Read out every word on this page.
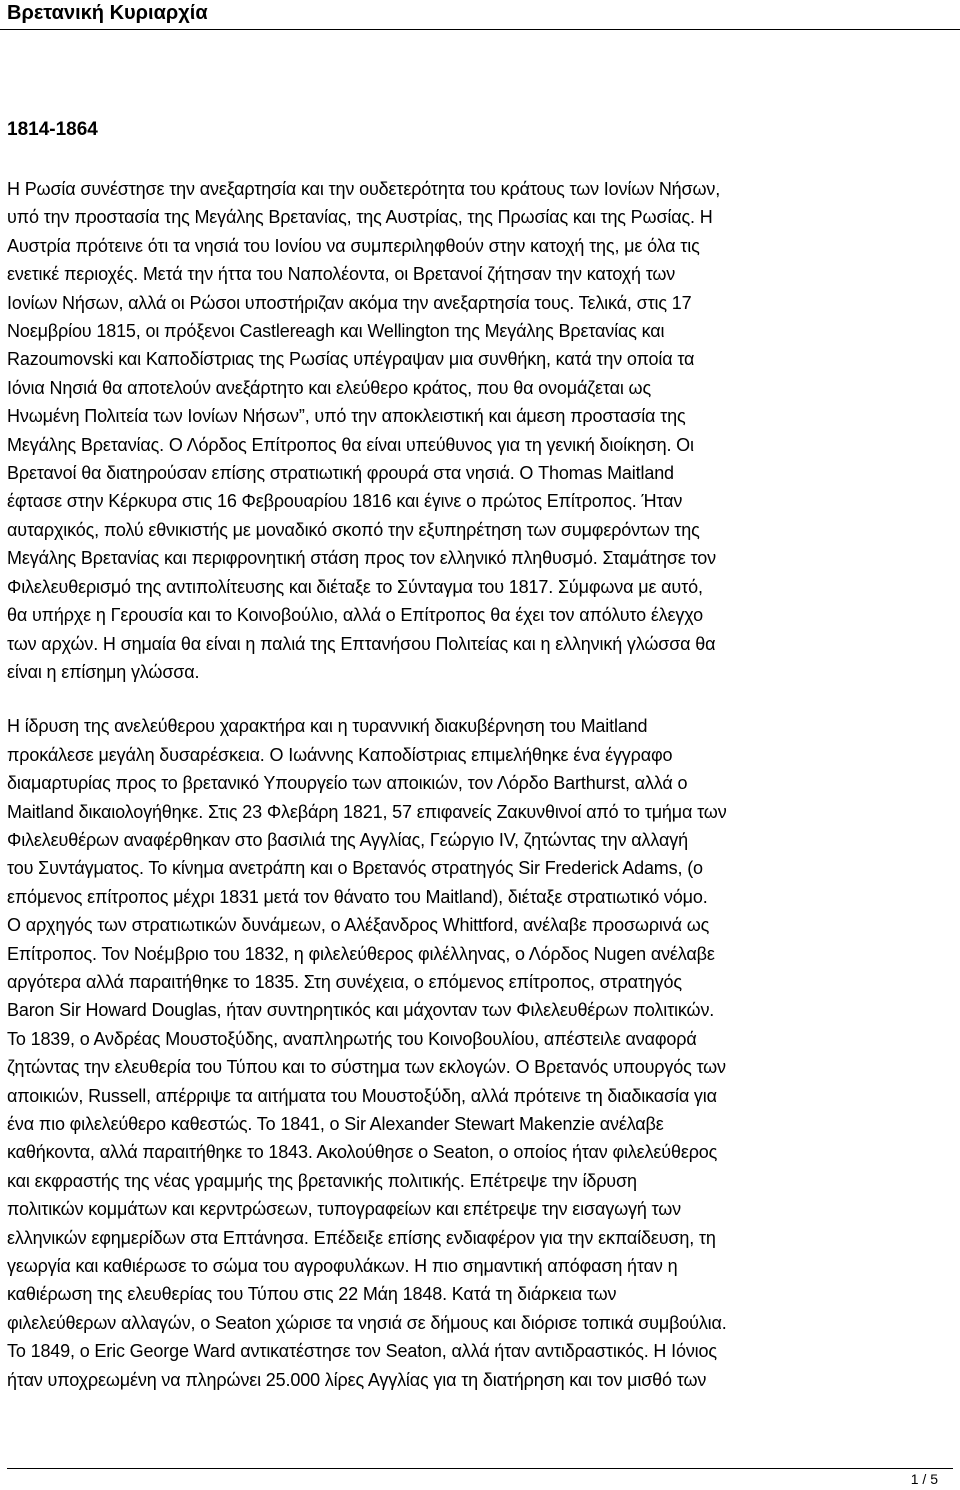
Βρετανική Κυριαρχία
1814-1864

Η Ρωσία συνέστησε την ανεξαρτησία και την ουδετερότητα του κράτους των Ιονίων Νήσων,
υπό την προστασία της Μεγάλης Βρετανίας, της Αυστρίας, της Πρωσίας και της Ρωσίας. Η
Αυστρία πρότεινε ότι τα νησιά του Ιονίου να συμπεριληφθούν στην κατοχή της, με όλα τις
ενετικέ περιοχές. Μετά την ήττα του Ναπολέοντα, οι Βρετανοί ζήτησαν την κατοχή των
Ιονίων Νήσων, αλλά οι Ρώσοι υποστήριζαν ακόμα την ανεξαρτησία τους. Τελικά, στις 17
Νοεμβρίου 1815, οι πρόξενοι Castlereagh και Wellington της Μεγάλης Βρετανίας και
Razoumovski και Καποδίστριας της Ρωσίας υπέγραψαν μια συνθήκη, κατά την οποία τα
Ιόνια Νησιά θα αποτελούν ανεξάρτητο και ελεύθερο κράτος, που θα ονομάζεται ως
Ηνωμένη Πολιτεία των Ιονίων Νήσων”, υπό την αποκλειστική και άμεση προστασία της
Μεγάλης Βρετανίας. Ο Λόρδος Επίτροπος θα είναι υπεύθυνος για τη γενική διοίκηση. Οι
Βρετανοί θα διατηρούσαν επίσης στρατιωτική φρουρά στα νησιά. Ο Thomas Maitland
έφτασε στην Κέρκυρα στις 16 Φεβρουαρίου 1816 και έγινε ο πρώτος Επίτροπος. Ήταν
αυταρχικός, πολύ εθνικιστής με μοναδικό σκοπό την εξυπηρέτηση των συμφερόντων της
Μεγάλης Βρετανίας και περιφρονητική στάση προς τον ελληνικό πληθυσμό. Σταμάτησε τον
Φιλελευθερισμό της αντιπολίτευσης και διέταξε το Σύνταγμα του 1817. Σύμφωνα με αυτό,
θα υπήρχε η Γερουσία και το Κοινοβούλιο, αλλά ο Επίτροπος θα έχει τον απόλυτο έλεγχο
των αρχών. Η σημαία θα είναι η παλιά της Επτανήσου Πολιτείας και η ελληνική γλώσσα θα
είναι η επίσημη γλώσσα.

Η ίδρυση της ανελεύθερου χαρακτήρα και η τυραννική διακυβέρνηση του Maitland
προκάλεσε μεγάλη δυσαρέσκεια. Ο Ιωάννης Καποδίστριας επιμελήθηκε ένα έγγραφο
διαμαρτυρίας προς το βρετανικό Υπουργείο των αποικιών, τον Λόρδο Barthurst, αλλά ο
Maitland δικαιολογήθηκε. Στις 23 Φλεβάρη 1821, 57 επιφανείς Ζακυνθινοί από το τμήμα των
Φιλελευθέρων αναφέρθηκαν στο βασιλιά της Αγγλίας, Γεώργιο IV, ζητώντας την αλλαγή
του Συντάγματος. Το κίνημα ανετράπη και ο Βρετανός στρατηγός Sir Frederick Adams, (ο
επόμενος επίτροπος μέχρι 1831 μετά τον θάνατο του Maitland), διέταξε στρατιωτικό νόμο.
Ο αρχηγός των στρατιωτικών δυνάμεων, ο Αλέξανδρος Whittford, ανέλαβε προσωρινά ως
Επίτροπος. Τον Νοέμβριο του 1832, η φιλελεύθερος φιλέλληνας, ο Λόρδος Nugen ανέλαβε
αργότερα αλλά παραιτήθηκε το 1835. Στη συνέχεια, ο επόμενος επίτροπος, στρατηγός
Baron Sir Howard Douglas, ήταν συντηρητικός και μάχονταν των Φιλελευθέρων πολιτικών.
Το 1839, ο Ανδρέας Μουστοξύδης, αναπληρωτής του Κοινοβουλίου, απέστειλε αναφορά
ζητώντας την ελευθερία του Τύπου και το σύστημα των εκλογών. Ο Βρετανός υπουργός των
αποικιών, Russell, απέρριψε τα αιτήματα του Μουστοξύδη, αλλά πρότεινε τη διαδικασία για
ένα πιο φιλελεύθερο καθεστώς. Το 1841, ο Sir Alexander Stewart Makenzie ανέλαβε
καθήκοντα, αλλά παραιτήθηκε το 1843. Ακολούθησε ο Seaton, ο οποίος ήταν φιλελεύθερος
και εκφραστής της νέας γραμμής της βρετανικής πολιτικής. Επέτρεψε την ίδρυση
πολιτικών κομμάτων και κερντρώσεων, τυπογραφείων και επέτρεψε την εισαγωγή των
ελληνικών εφημερίδων στα Επτάνησα. Επέδειξε επίσης ενδιαφέρον για την εκπαίδευση, τη
γεωργία και καθιέρωσε το σώμα του αγροφυλάκων. Η πιο σημαντική απόφαση ήταν η
καθιέρωση της ελευθερίας του Τύπου στις 22 Μάη 1848. Κατά τη διάρκεια των
φιλελεύθερων αλλαγών, ο Seaton χώρισε τα νησιά σε δήμους και διόρισε τοπικά συμβούλια.
Το 1849, ο Eric George Ward αντικατέστησε τον Seaton, αλλά ήταν αντιδραστικός. Η Ιόνιος
ήταν υποχρεωμένη να πληρώνει 25.000 λίρες Αγγλίας για τη διατήρηση και τον μισθό των

1 / 5
